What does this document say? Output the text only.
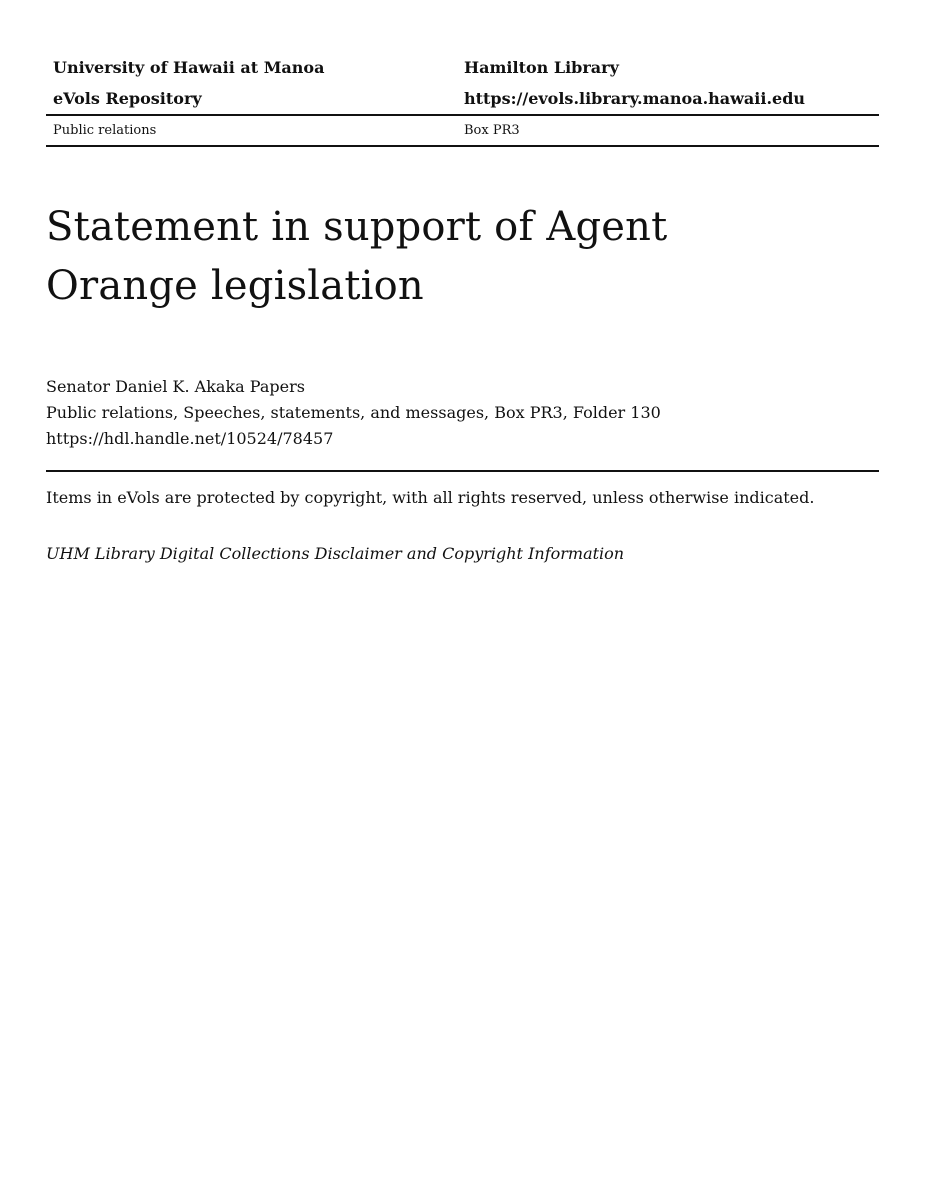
University of Hawaii at Manoa	Hamilton Library
eVols Repository	https://evols.library.manoa.hawaii.edu
Public relations	Box PR3
Statement in support of Agent Orange legislation
Senator Daniel K. Akaka Papers
Public relations, Speeches, statements, and messages, Box PR3, Folder 130
https://hdl.handle.net/10524/78457
Items in eVols are protected by copyright, with all rights reserved, unless otherwise indicated.
UHM Library Digital Collections Disclaimer and Copyright Information
